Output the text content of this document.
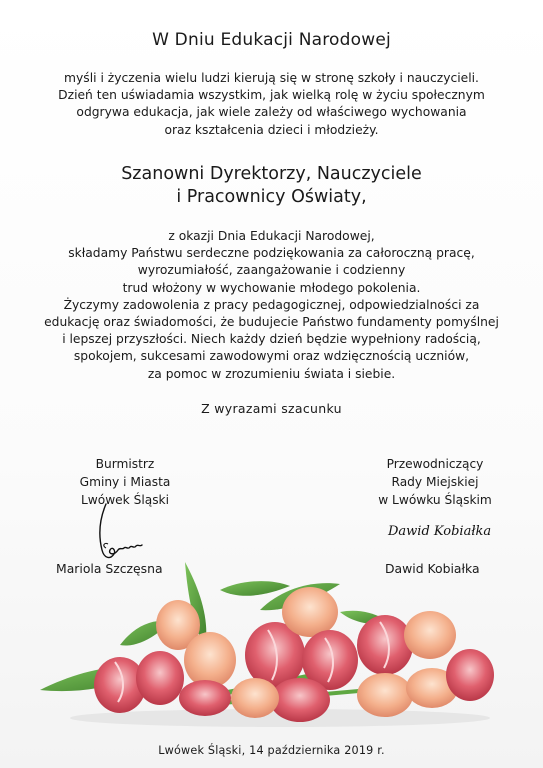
W Dniu Edukacji Narodowej
myśli i życzenia wielu ludzi kierują się w stronę szkoły i nauczycieli.
Dzień ten uświadamia wszystkim, jak wielką rolę w życiu społecznym
odgrywa edukacja, jak wiele zależy od właściwego wychowania
oraz kształcenia dzieci i młodzieży.
Szanowni Dyrektorzy, Nauczyciele
i Pracownicy Oświaty,
z okazji Dnia Edukacji Narodowej,
składamy Państwu serdeczne podziękowania za całoroczną pracę,
wyrozumiałość, zaangażowanie i codzienny
trud włożony w wychowanie młodego pokolenia.
Życzymy zadowolenia z pracy pedagogicznej, odpowiedzialności za
edukację oraz świadomości, że budujecie Państwo fundamenty pomyślnej
i lepszej przyszłości. Niech każdy dzień będzie wypełniony radością,
spokojem, sukcesami zawodowymi oraz wdzięcznością uczniów,
za pomoc w zrozumieniu świata i siebie.
Z wyrazami szacunku
Burmistrz
Gminy i Miasta
Lwówek Śląski
Przewodniczący
Rady Miejskiej
w Lwówku Śląskim
Dawid Kobiałka
Mariola Szczęsna	Dawid Kobiałka
Lwówek Śląski, 14 października 2019 r.
